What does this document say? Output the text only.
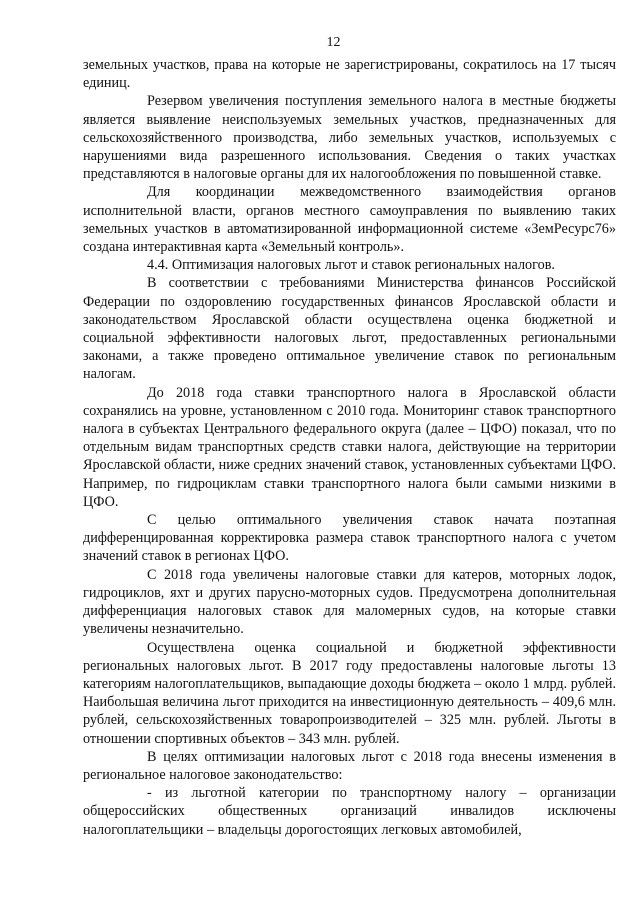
12

земельных участков, права на которые не зарегистрированы, сократилось на 17 тысяч единиц.

Резервом увеличения поступления земельного налога в местные бюджеты является выявление неиспользуемых земельных участков, предназначенных для сельскохозяйственного производства, либо земельных участков, используемых с нарушениями вида разрешенного использования. Сведения о таких участках представляются в налоговые органы для их налогообложения по повышенной ставке.

Для координации межведомственного взаимодействия органов исполнительной власти, органов местного самоуправления по выявлению таких земельных участков в автоматизированной информационной системе «ЗемРесурс76» создана интерактивная карта «Земельный контроль».

4.4. Оптимизация налоговых льгот и ставок региональных налогов.

В соответствии с требованиями Министерства финансов Российской Федерации по оздоровлению государственных финансов Ярославской области и законодательством Ярославской области осуществлена оценка бюджетной и социальной эффективности налоговых льгот, предоставленных региональными законами, а также проведено оптимальное увеличение ставок по региональным налогам.

До 2018 года ставки транспортного налога в Ярославской области сохранялись на уровне, установленном с 2010 года. Мониторинг ставок транспортного налога в субъектах Центрального федерального округа (далее – ЦФО) показал, что по отдельным видам транспортных средств ставки налога, действующие на территории Ярославской области, ниже средних значений ставок, установленных субъектами ЦФО. Например, по гидроциклам ставки транспортного налога были самыми низкими в ЦФО.

С целью оптимального увеличения ставок начата поэтапная дифференцированная корректировка размера ставок транспортного налога с учетом значений ставок в регионах ЦФО.

С 2018 года увеличены налоговые ставки для катеров, моторных лодок, гидроциклов, яхт и других парусно-моторных судов. Предусмотрена дополнительная дифференциация налоговых ставок для маломерных судов, на которые ставки увеличены незначительно.

Осуществлена оценка социальной и бюджетной эффективности региональных налоговых льгот. В 2017 году предоставлены налоговые льготы 13 категориям налогоплательщиков, выпадающие доходы бюджета – около 1 млрд. рублей. Наибольшая величина льгот приходится на инвестиционную деятельность – 409,6 млн. рублей, сельскохозяйственных товаропроизводителей – 325 млн. рублей. Льготы в отношении спортивных объектов – 343 млн. рублей.

В целях оптимизации налоговых льгот с 2018 года внесены изменения в региональное налоговое законодательство:

- из льготной категории по транспортному налогу – организации общероссийских общественных организаций инвалидов исключены налогоплательщики – владельцы дорогостоящих легковых автомобилей,
